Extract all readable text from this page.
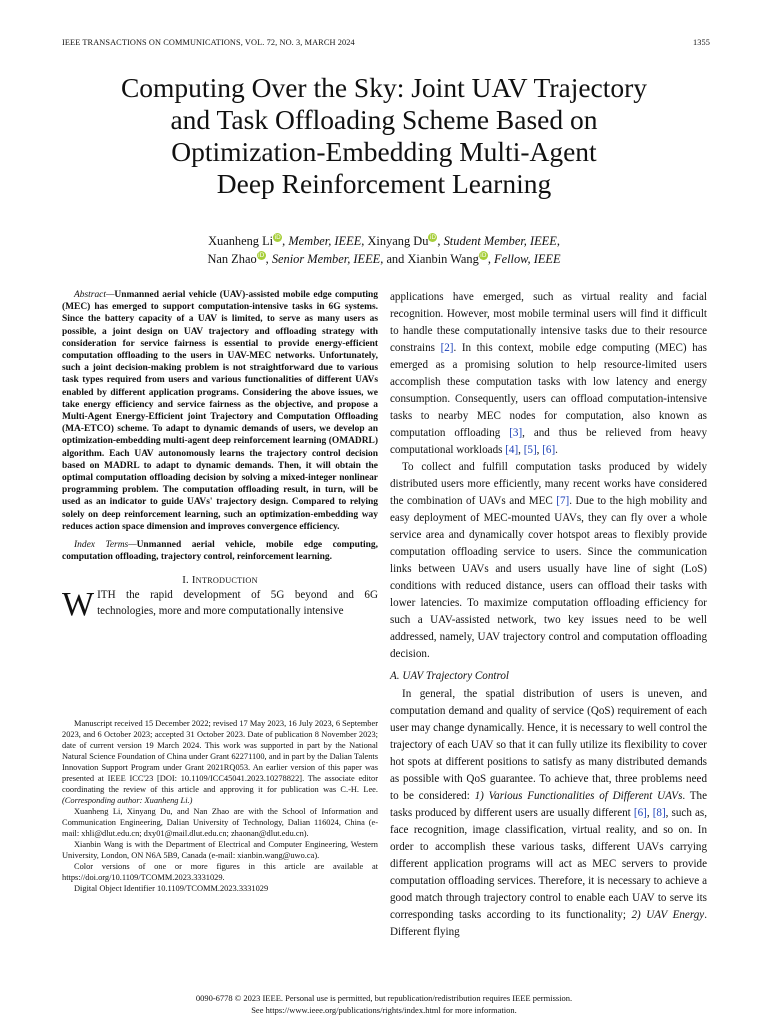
IEEE TRANSACTIONS ON COMMUNICATIONS, VOL. 72, NO. 3, MARCH 2024	1355
Computing Over the Sky: Joint UAV Trajectory
and Task Offloading Scheme Based on
Optimization-Embedding Multi-Agent
Deep Reinforcement Learning
Xuanheng LiiD, Member, IEEE, Xinyang DuiD, Student Member, IEEE,
Nan ZhaoiD, Senior Member, IEEE, and Xianbin WangiD, Fellow, IEEE

Abstract—Unmanned aerial vehicle (UAV)-assisted mobile edge computing (MEC) has emerged to support computation-intensive tasks in 6G systems. Since the battery capacity of a UAV is limited, to serve as many users as possible, a joint design on UAV trajectory and offloading strategy with consideration for service fairness is essential to provide energy-efficient computation offloading to the users in UAV-MEC networks. Unfortunately, such a joint decision-making problem is not straightforward due to various task types required from users and various functionalities of different UAVs enabled by different application programs. Considering the above issues, we take energy efficiency and service fairness as the objective, and propose a Multi-Agent Energy-Efficient joint Trajectory and Computation Offloading (MA-ETCO) scheme. To adapt to dynamic demands of users, we develop an optimization-embedding multi-agent deep reinforcement learning (OMADRL) algorithm. Each UAV autonomously learns the trajectory control decision based on MADRL to adapt to dynamic demands. Then, it will obtain the optimal computation offloading decision by solving a mixed-integer nonlinear programming problem. The computation offloading result, in turn, will be used as an indicator to guide UAVs' trajectory design. Compared to relying solely on deep reinforcement learning, such an optimization-embedding way reduces action space dimension and improves convergence efficiency.

Index Terms—Unmanned aerial vehicle, mobile edge computing, computation offloading, trajectory control, reinforcement learning.

I. INTRODUCTION

WITH the rapid development of 5G beyond and 6G technologies, more and more computationally intensive

Manuscript received 15 December 2022; revised 17 May 2023, 16 July 2023, 6 September 2023, and 6 October 2023; accepted 31 October 2023. Date of publication 8 November 2023; date of current version 19 March 2024. This work was supported in part by the National Natural Science Foundation of China under Grant 62271100, and in part by the Dalian Talents Innovation Support Program under Grant 2021RQ053. An earlier version of this paper was presented at IEEE ICC'23 [DOI: 10.1109/ICC45041.2023.10278822]. The associate editor coordinating the review of this article and approving it for publication was C.-H. Lee. (Corresponding author: Xuanheng Li.)

Xuanheng Li, Xinyang Du, and Nan Zhao are with the School of Information and Communication Engineering, Dalian University of Technology, Dalian 116024, China (e-mail: xhli@dlut.edu.cn; dxy01@mail.dlut.edu.cn; zhaonan@dlut.edu.cn).

Xianbin Wang is with the Department of Electrical and Computer Engineering, Western University, London, ON N6A 5B9, Canada (e-mail: xianbin.wang@uwo.ca).

Color versions of one or more figures in this article are available at https://doi.org/10.1109/TCOMM.2023.3331029.

Digital Object Identifier 10.1109/TCOMM.2023.3331029

applications have emerged, such as virtual reality and facial recognition. However, most mobile terminal users will find it difficult to handle these computationally intensive tasks due to their resource constrains [2]. In this context, mobile edge computing (MEC) has emerged as a promising solution to help resource-limited users accomplish these computation tasks with low latency and energy consumption. Consequently, users can offload computation-intensive tasks to nearby MEC nodes for computation, also known as computation offloading [3], and thus be relieved from heavy computational workloads [4], [5], [6].

To collect and fulfill computation tasks produced by widely distributed users more efficiently, many recent works have considered the combination of UAVs and MEC [7]. Due to the high mobility and easy deployment of MEC-mounted UAVs, they can fly over a whole service area and dynamically cover hotspot areas to flexibly provide computation offloading service to users. Since the communication links between UAVs and users usually have line of sight (LoS) conditions with reduced distance, users can offload their tasks with lower latencies. To maximize computation offloading efficiency for such a UAV-assisted network, two key issues need to be well addressed, namely, UAV trajectory control and computation offloading decision.

A. UAV Trajectory Control

In general, the spatial distribution of users is uneven, and computation demand and quality of service (QoS) requirement of each user may change dynamically. Hence, it is necessary to well control the trajectory of each UAV so that it can fully utilize its flexibility to cover hot spots at different positions to satisfy as many distributed demands as possible with QoS guarantee. To achieve that, three problems need to be considered: 1) Various Functionalities of Different UAVs. The tasks produced by different users are usually different [6], [8], such as, face recognition, image classification, virtual reality, and so on. In order to accomplish these various tasks, different UAVs carrying different application programs will act as MEC servers to provide computation offloading services. Therefore, it is necessary to achieve a good match through trajectory control to enable each UAV to serve its corresponding tasks according to its functionality; 2) UAV Energy. Different flying

0090-6778 © 2023 IEEE. Personal use is permitted, but republication/redistribution requires IEEE permission.
See https://www.ieee.org/publications/rights/index.html for more information.
